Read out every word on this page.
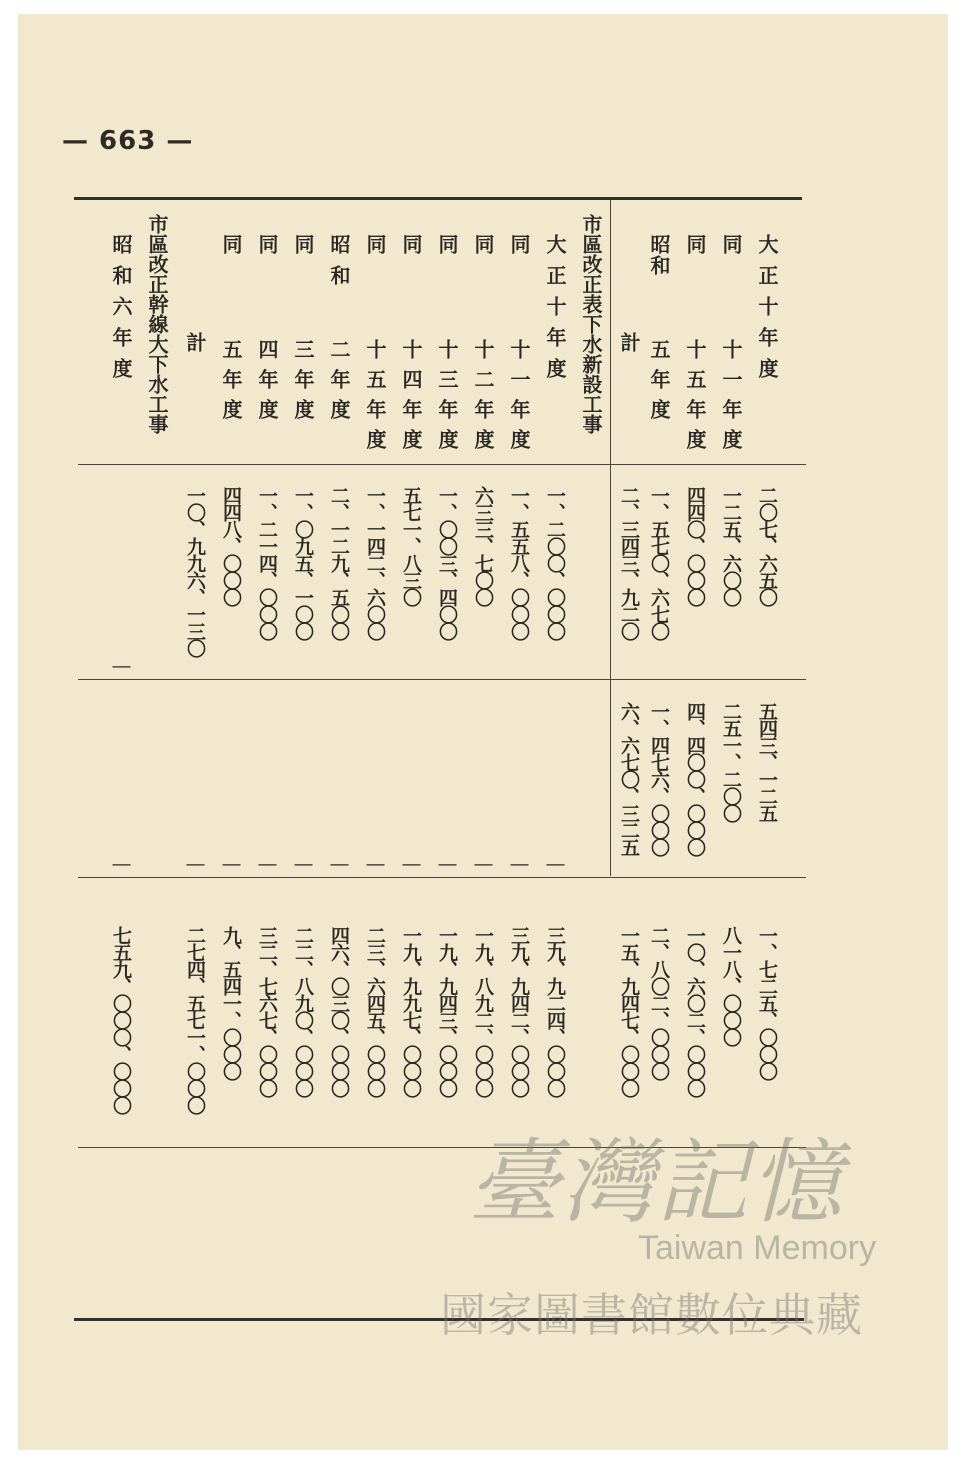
— 663 —
大正十年度
二〇七、六五〇
五四三、一二五
一、七二五、〇〇〇
同
十一年度
一二五、六〇〇
二五一、二〇〇
八一八、〇〇〇
同
十五年度
四四〇、〇〇〇
四、四〇〇、〇〇〇
一〇、六〇二、〇〇〇
昭和
五年度
一、五七〇、六七〇
一、四七六、〇〇〇
二、八〇二、〇〇〇
計
二、三四三、九二〇
六、六七〇、三二五
一五、九四七、〇〇〇
市區改正表下水新設工事
大正十年度
一、二〇〇、〇〇〇
―
三九、九二四、〇〇〇
同
十一年度
一、五五八、〇〇〇
―
三九、九四二、〇〇〇
同
十二年度
六三三、七〇〇
―
一九、八九二、〇〇〇
同
十三年度
一、〇〇三、四〇〇
―
一九、九四三、〇〇〇
同
十四年度
五七一、八三〇
―
一九、九九七、〇〇〇
同
十五年度
一、一四二、六〇〇
―
二三、六四五、〇〇〇
昭和
二年度
二、一二九、五〇〇
―
四六、〇三〇、〇〇〇
同
三年度
一、〇九五、一〇〇
―
二二、八九〇、〇〇〇
同
四年度
一、二一四、〇〇〇
―
三二、七六七、〇〇〇
同
五年度
四四八、〇〇〇
―
九、五四一、〇〇〇
計
一〇、九九六、一三〇
―
二七四、五七一、〇〇〇
市區改正幹線大下水工事
昭和六年度
―
―
七五九、〇〇〇、〇〇〇
臺灣記憶
Taiwan Memory
國家圖書館數位典藏
